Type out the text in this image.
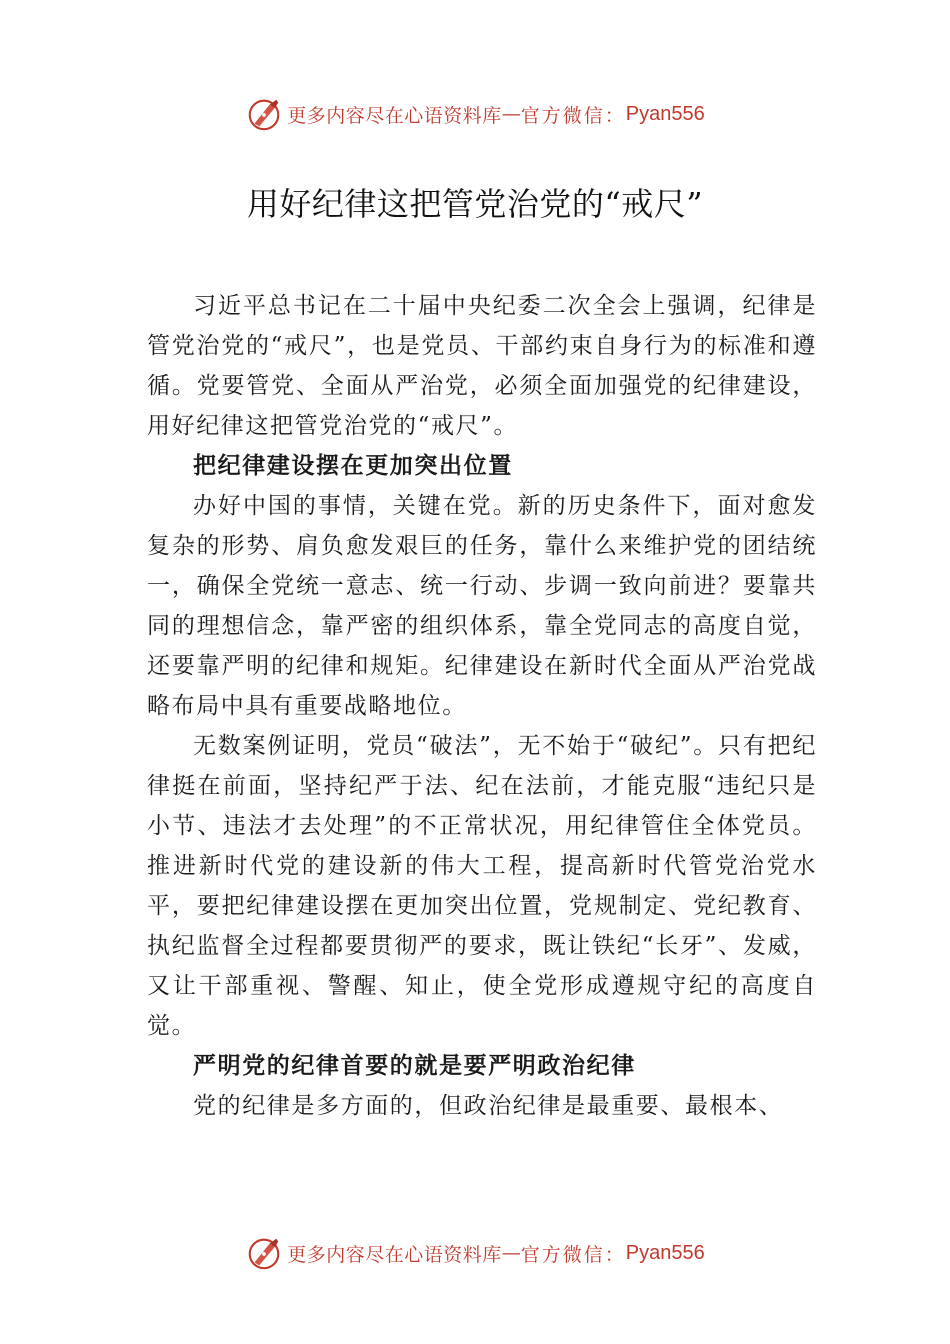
更多内容尽在心语资料库 — 官方微信： Pyan556
用好纪律这把管党治党的“戒尺”

习近平总书记在二十届中央纪委二次全会上强调，纪律是管党治党的“戒尺”，也是党员、干部约束自身行为的标准和遵循。党要管党、全面从严治党，必须全面加强党的纪律建设，用好纪律这把管党治党的“戒尺”。

把纪律建设摆在更加突出位置

办好中国的事情，关键在党。新的历史条件下，面对愈发复杂的形势、肩负愈发艰巨的任务，靠什么来维护党的团结统一，确保全党统一意志、统一行动、步调一致向前进？要靠共同的理想信念，靠严密的组织体系，靠全党同志的高度自觉，还要靠严明的纪律和规矩。纪律建设在新时代全面从严治党战略布局中具有重要战略地位。

无数案例证明，党员“破法”，无不始于“破纪”。只有把纪律挺在前面，坚持纪严于法、纪在法前，才能克服“违纪只是小节、违法才去处理”的不正常状况，用纪律管住全体党员。推进新时代党的建设新的伟大工程，提高新时代管党治党水平，要把纪律建设摆在更加突出位置，党规制定、党纪教育、执纪监督全过程都要贯彻严的要求，既让铁纪“长牙”、发威， 又让干部重视、警醒、知止，使全党形成遵规守纪的高度自觉。

严明党的纪律首要的就是要严明政治纪律

党的纪律是多方面的，但政治纪律是最重要、最根本、

更多内容尽在心语资料库 — 官方微信： Pyan556
